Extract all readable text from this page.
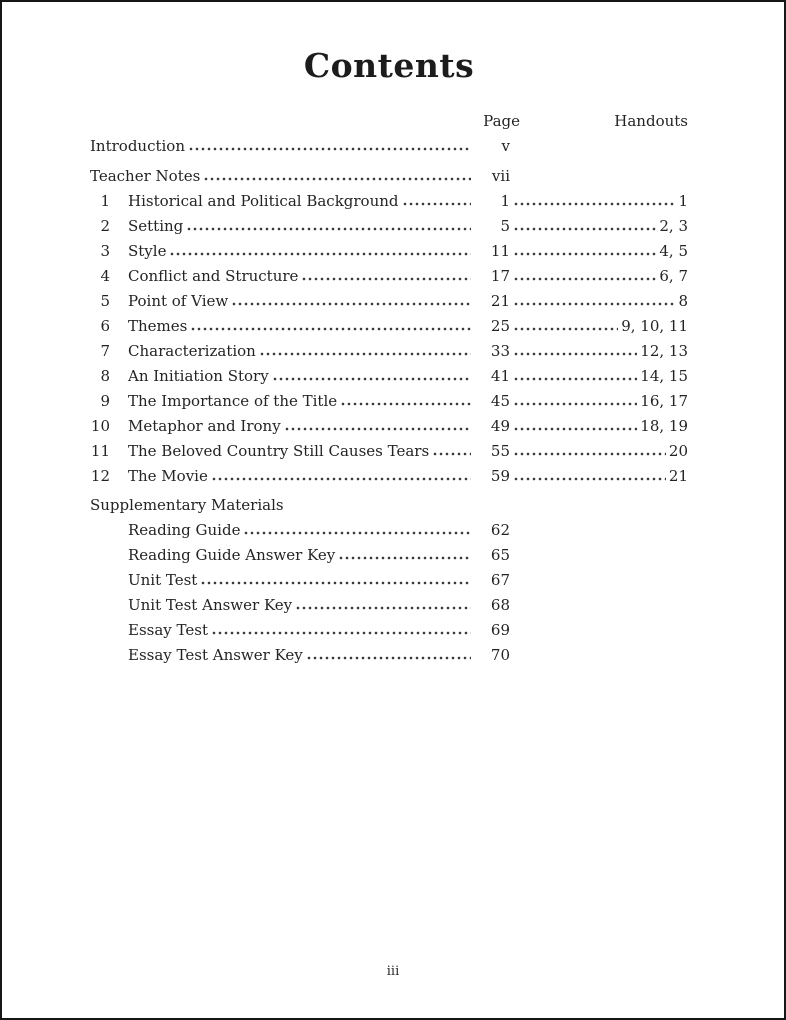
Contents
Page	Handouts
Introduction	v
Teacher Notes	vii
1 Historical and Political Background	1	1
2 Setting	5	2, 3
3 Style	11	4, 5
4 Conflict and Structure	17	6, 7
5 Point of View	21	8
6 Themes	25	9, 10, 11
7 Characterization	33	12, 13
8 An Initiation Story	41	14, 15
9 The Importance of the Title	45	16, 17
10 Metaphor and Irony	49	18, 19
11 The Beloved Country Still Causes Tears	55	20
12 The Movie	59	21
Supplementary Materials
Reading Guide	62
Reading Guide Answer Key	65
Unit Test	67
Unit Test Answer Key	68
Essay Test	69
Essay Test Answer Key	70
iii
